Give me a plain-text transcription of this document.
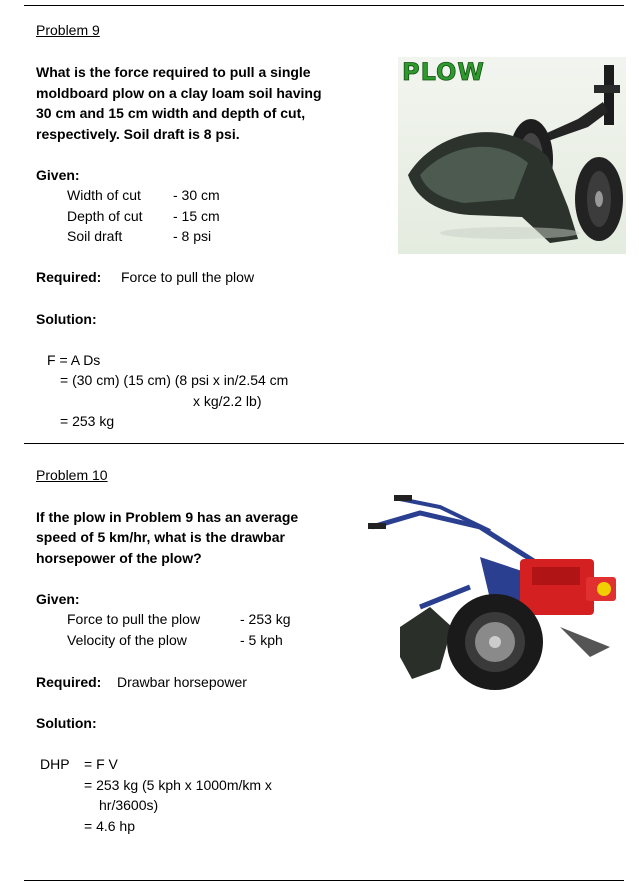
Problem 9
What is the force required to pull a single
moldboard plow on a clay loam soil having
30 cm and 15 cm width and depth of cut,
respectively. Soil draft is 8 psi.
Given:
Width of cut - 30 cm
Depth of cut - 15 cm
Soil draft	- 8 psi
Required: Force to pull the plow
Solution:
F = A Ds
= (30 cm) (15 cm) (8 psi x in/2.54 cm
x kg/2.2 lb)
= 253 kg
PLOW
Problem 10
If the plow in Problem 9 has an average
speed of 5 km/hr, what is the drawbar
horsepower of the plow?
Given:
Force to pull the plow	- 253 kg
Velocity of the plow	- 5 kph
Required: Drawbar horsepower
Solution:
DHP = F V
= 253 kg (5 kph x 1000m/km x
hr/3600s)
= 4.6 hp
